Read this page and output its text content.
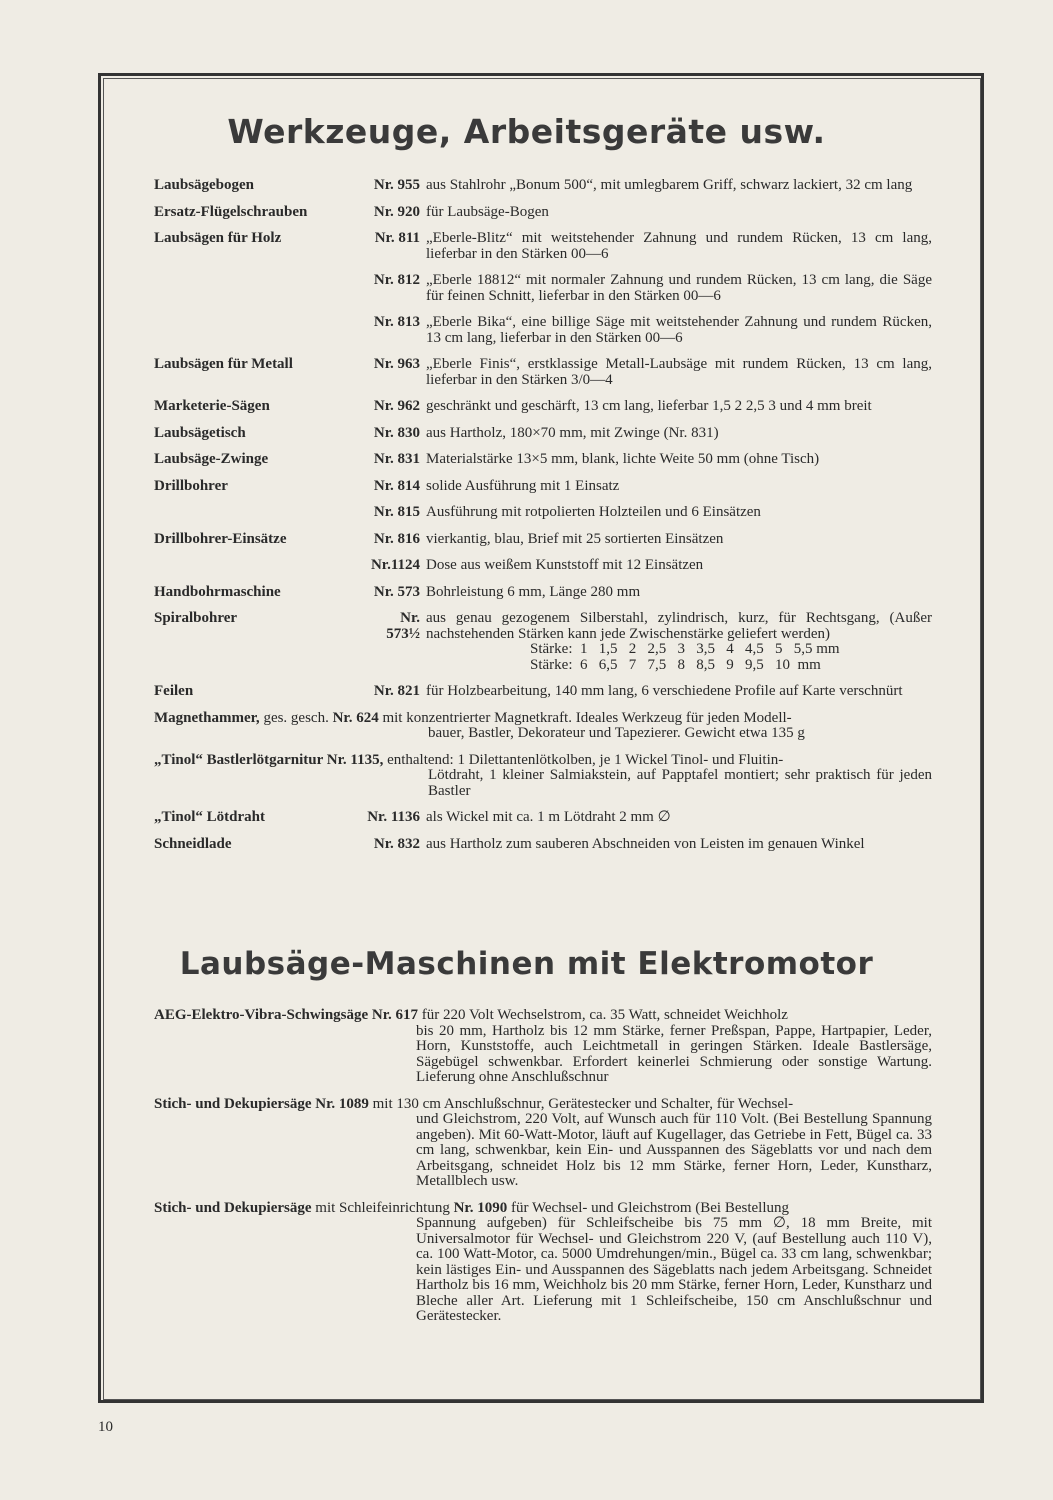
Werkzeuge, Arbeitsgeräte usw.
Laubsägebogen	Nr. 955 aus Stahlrohr „Bonum 500“, mit umlegbarem Griff, schwarz lackiert, 32 cm lang
Ersatz-Flügelschrauben	Nr. 920 für Laubsäge-Bogen
Laubsägen für Holz	Nr. 811 „Eberle-Blitz“ mit weitstehender Zahnung und rundem Rücken, 13 cm lang, lieferbar in den Stärken 00—6
Nr. 812 „Eberle 18812“ mit normaler Zahnung und rundem Rücken, 13 cm lang, die Säge für feinen Schnitt, lieferbar in den Stärken 00—6
Nr. 813 „Eberle Bika“, eine billige Säge mit weitstehender Zahnung und rundem Rücken, 13 cm lang, lieferbar in den Stärken 00—6
Laubsägen für Metall	Nr. 963 „Eberle Finis“, erstklassige Metall-Laubsäge mit rundem Rücken, 13 cm lang, lieferbar in den Stärken 3/0—4
Marketerie-Sägen	Nr. 962 geschränkt und geschärft, 13 cm lang, lieferbar 1,5 2 2,5 3 und 4 mm breit
Laubsägetisch	Nr. 830 aus Hartholz, 180×70 mm, mit Zwinge (Nr. 831)
Laubsäge-Zwinge	Nr. 831 Materialstärke 13×5 mm, blank, lichte Weite 50 mm (ohne Tisch)
Drillbohrer	Nr. 814 solide Ausführung mit 1 Einsatz
Nr. 815 Ausführung mit rotpolierten Holzteilen und 6 Einsätzen
Drillbohrer-Einsätze	Nr. 816 vierkantig, blau, Brief mit 25 sortierten Einsätzen
Nr.1124 Dose aus weißem Kunststoff mit 12 Einsätzen
Handbohrmaschine	Nr. 573 Bohrleistung 6 mm, Länge 280 mm
Spiralbohrer	Nr. 573½
aus genau gezogenem Silberstahl, zylindrisch, kurz, für Rechtsgang, (Außer nachstehenden Stärken kann jede Zwischenstärke geliefert werden)
Stärke:  1   1,5   2   2,5   3   3,5   4   4,5   5   5,5 mm
Stärke:  6   6,5   7   7,5   8   8,5   9   9,5   10  mm
Feilen	Nr. 821 für Holzbearbeitung, 140 mm lang, 6 verschiedene Profile auf Karte verschnürt
Magnethammer, ges. gesch. Nr. 624 mit konzentrierter Magnetkraft. Ideales Werkzeug für jeden Modell-
bauer, Bastler, Dekorateur und Tapezierer. Gewicht etwa 135 g
„Tinol“ Bastlerlötgarnitur Nr. 1135, enthaltend: 1 Dilettantenlötkolben, je 1 Wickel Tinol- und Fluitin-
Lötdraht, 1 kleiner Salmiakstein, auf Papptafel montiert; sehr praktisch für jeden Bastler
„Tinol“ Lötdraht	Nr. 1136 als Wickel mit ca. 1 m Lötdraht 2 mm ∅
Schneidlade	Nr. 832 aus Hartholz zum sauberen Abschneiden von Leisten im genauen Winkel
Laubsäge-Maschinen mit Elektromotor
AEG-Elektro-Vibra-Schwingsäge Nr. 617 für 220 Volt Wechselstrom, ca. 35 Watt, schneidet Weichholz
bis 20 mm, Hartholz bis 12 mm Stärke, ferner Preßspan, Pappe, Hartpapier, Leder, Horn, Kunststoffe, auch Leichtmetall in geringen Stärken. Ideale Bastlersäge, Sägebügel schwenkbar. Erfordert keinerlei Schmierung oder sonstige Wartung. Lieferung ohne Anschlußschnur
Stich- und Dekupiersäge Nr. 1089 mit 130 cm Anschlußschnur, Gerätestecker und Schalter, für Wechsel-
und Gleichstrom, 220 Volt, auf Wunsch auch für 110 Volt. (Bei Bestellung Spannung angeben). Mit 60-Watt-Motor, läuft auf Kugellager, das Getriebe in Fett, Bügel ca. 33 cm lang, schwenkbar, kein Ein- und Ausspannen des Sägeblatts vor und nach dem Arbeitsgang, schneidet Holz bis 12 mm Stärke, ferner Horn, Leder, Kunstharz, Metallblech usw.
Stich- und Dekupiersäge mit Schleifeinrichtung Nr. 1090 für Wechsel- und Gleichstrom (Bei Bestellung
Spannung aufgeben) für Schleifscheibe bis 75 mm ∅, 18 mm Breite, mit Universalmotor für Wechsel- und Gleichstrom 220 V, (auf Bestellung auch 110 V), ca. 100 Watt-Motor, ca. 5000 Umdrehungen/min., Bügel ca. 33 cm lang, schwenkbar; kein lästiges Ein- und Ausspannen des Sägeblatts nach jedem Arbeitsgang. Schneidet Hartholz bis 16 mm, Weichholz bis 20 mm Stärke, ferner Horn, Leder, Kunstharz und Bleche aller Art. Lieferung mit 1 Schleifscheibe, 150 cm Anschlußschnur und Gerätestecker.
10
